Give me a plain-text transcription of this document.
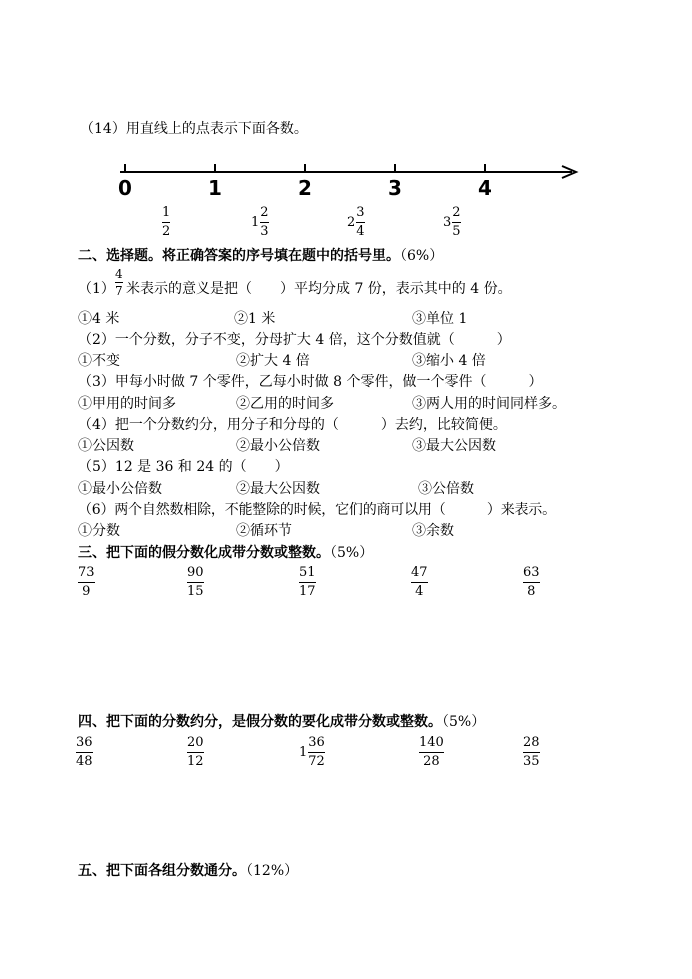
（14）用直线上的点表示下面各数。
0	1	2	3	4
1
2
$1 \frac{2}{3}$	$2 \frac{3}{4}$	$3 \frac{2}{5}$
二、选择题。将正确答案的序号填在题中的括号里。（6%）
（1）
4
7 米表示的意义是把（　　）平均分成 7 份，表示其中的 4 份。
①4 米	②1 米	③单位 1
（2）一个分数，分子不变，分母扩大 4 倍，这个分数值就（　　　）
①不变	②扩大 4 倍	③缩小 4 倍
（3）甲每小时做 7 个零件，乙每小时做 8 个零件，做一个零件（　　　）
①甲用的时间多	②乙用的时间多	③两人用的时间同样多。
（4）把一个分数约分，用分子和分母的（　　　）去约，比较简便。
①公因数	②最小公倍数	③最大公因数
（5）12 是 36 和 24 的（　　）
①最小公倍数	②最大公因数	③公倍数
（6）两个自然数相除，不能整除的时候，它们的商可以用（　　　）来表示。
①分数	②循环节	③余数
三、把下面的假分数化成带分数或整数。（5%）
73
9
90
15
51
17
47
4
63
8
四、把下面的分数约分，是假分数的要化成带分数或整数。（5%）
36
48
20
12
$1 \frac{36}{72}$	140
28
28
35
五、把下面各组分数通分。（12%）
